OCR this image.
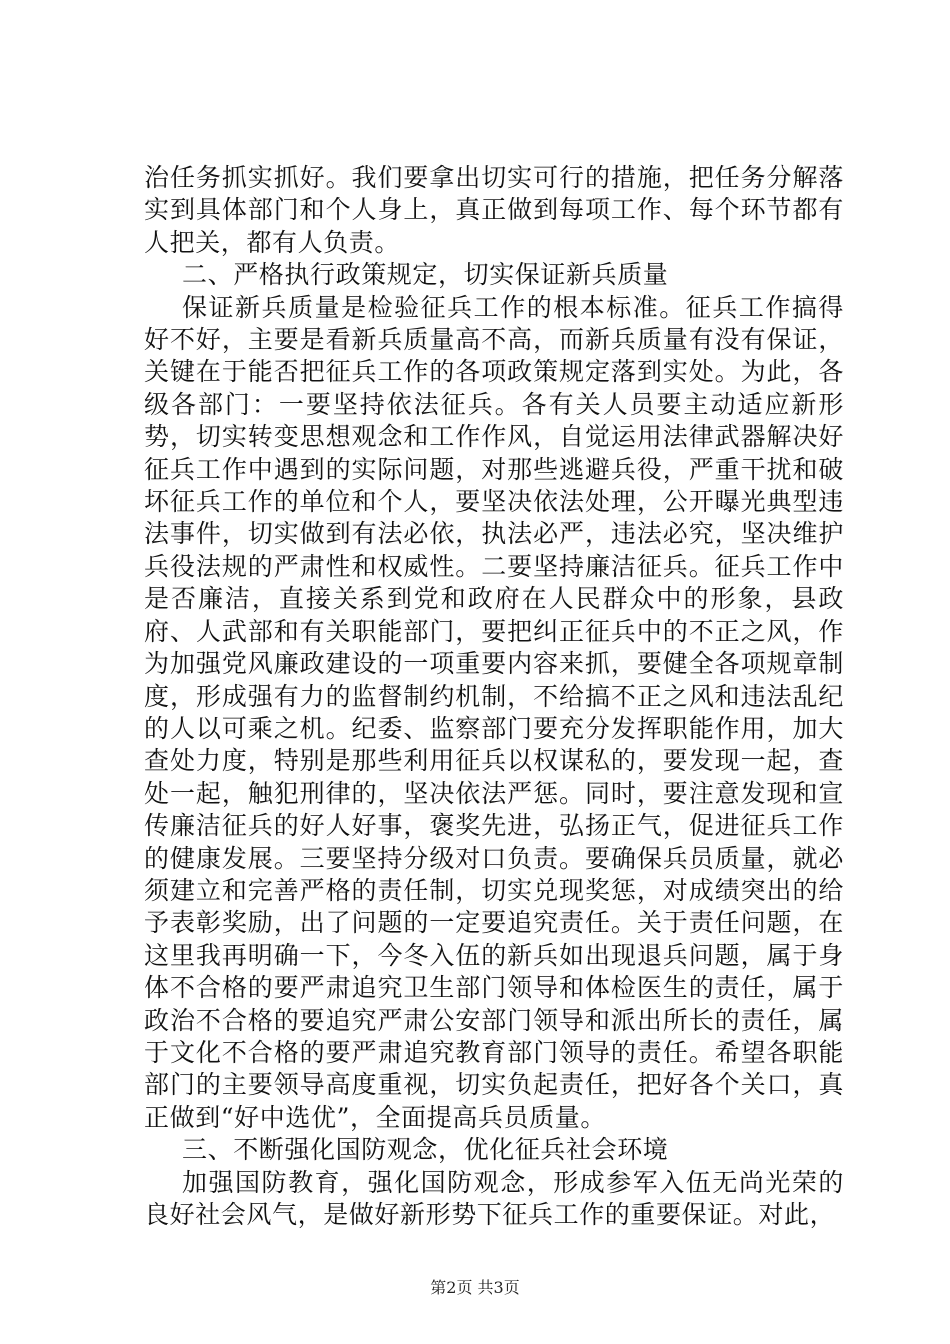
治任务抓实抓好。我们要拿出切实可行的措施，把任务分解落实到具体部门和个人身上，真正做到每项工作、每个环节都有人把关，都有人负责。

二、严格执行政策规定，切实保证新兵质量

保证新兵质量是检验征兵工作的根本标准。征兵工作搞得好不好，主要是看新兵质量高不高，而新兵质量有没有保证，关键在于能否把征兵工作的各项政策规定落到实处。为此，各级各部门：一要坚持依法征兵。各有关人员要主动适应新形势，切实转变思想观念和工作作风，自觉运用法律武器解决好征兵工作中遇到的实际问题，对那些逃避兵役，严重干扰和破坏征兵工作的单位和个人，要坚决依法处理，公开曝光典型违法事件，切实做到有法必依，执法必严，违法必究，坚决维护兵役法规的严肃性和权威性。二要坚持廉洁征兵。征兵工作中是否廉洁，直接关系到党和政府在人民群众中的形象，县政府、人武部和有关职能部门，要把纠正征兵中的不正之风，作为加强党风廉政建设的一项重要内容来抓，要健全各项规章制度，形成强有力的监督制约机制，不给搞不正之风和违法乱纪的人以可乘之机。纪委、监察部门要充分发挥职能作用，加大查处力度，特别是那些利用征兵以权谋私的，要发现一起，查处一起，触犯刑律的，坚决依法严惩。同时，要注意发现和宣传廉洁征兵的好人好事，褒奖先进，弘扬正气，促进征兵工作的健康发展。三要坚持分级对口负责。要确保兵员质量，就必须建立和完善严格的责任制，切实兑现奖惩，对成绩突出的给予表彰奖励，出了问题的一定要追究责任。关于责任问题，在这里我再明确一下，今冬入伍的新兵如出现退兵问题，属于身体不合格的要严肃追究卫生部门领导和体检医生的责任，属于政治不合格的要追究严肃公安部门领导和派出所长的责任，属于文化不合格的要严肃追究教育部门领导的责任。希望各职能部门的主要领导高度重视，切实负起责任，把好各个关口，真正做到“好中选优”，全面提高兵员质量。

三、不断强化国防观念，优化征兵社会环境

加强国防教育，强化国防观念，形成参军入伍无尚光荣的良好社会风气，是做好新形势下征兵工作的重要保证。对此，

第2页 共3页
